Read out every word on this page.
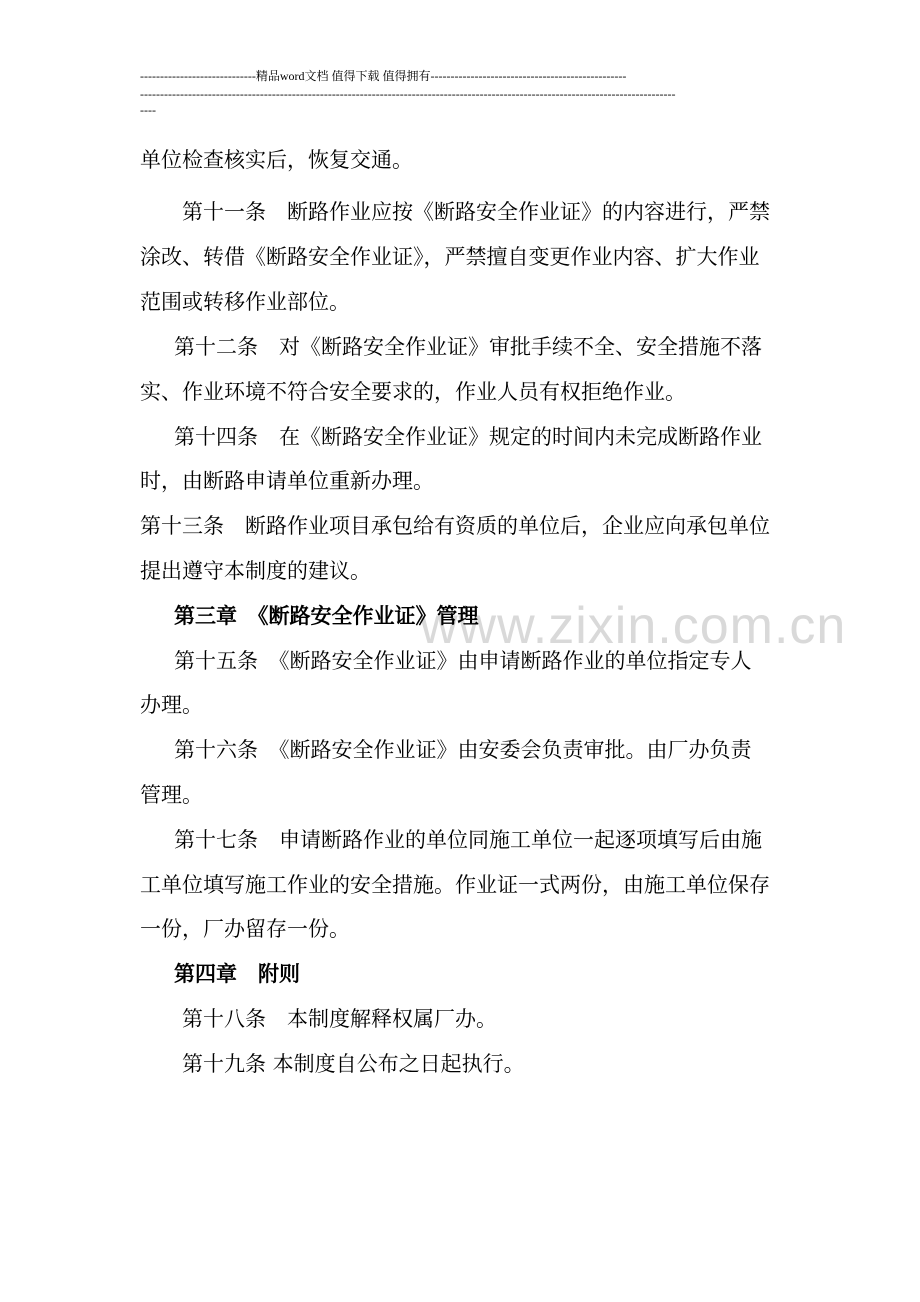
-----------------------------精品word文档 值得下载 值得拥有-------------------------------------------------
--------------------------------------------------------------------------------------------------------------------------------------
----
www.zixin.com.cn
单位检查核实后，恢复交通。
第十一条　断路作业应按《断路安全作业证》的内容进行，严禁
涂改、转借《断路安全作业证》，严禁擅自变更作业内容、扩大作业
范围或转移作业部位。
第十二条　对《断路安全作业证》审批手续不全、安全措施不落
实、作业环境不符合安全要求的，作业人员有权拒绝作业。
第十四条　在《断路安全作业证》规定的时间内未完成断路作业
时，由断路申请单位重新办理。
第十三条　断路作业项目承包给有资质的单位后，企业应向承包单位
提出遵守本制度的建议。
第三章　《断路安全作业证》管理
第十五条　《断路安全作业证》由申请断路作业的单位指定专人
办理。
第十六条　《断路安全作业证》由安委会负责审批。由厂办负责
管理。
第十七条　申请断路作业的单位同施工单位一起逐项填写后由施
工单位填写施工作业的安全措施。作业证一式两份，由施工单位保存
一份，厂办留存一份。
第四章　附则
第十八条　本制度解释权属厂办。
第十九条 本制度自公布之日起执行。
